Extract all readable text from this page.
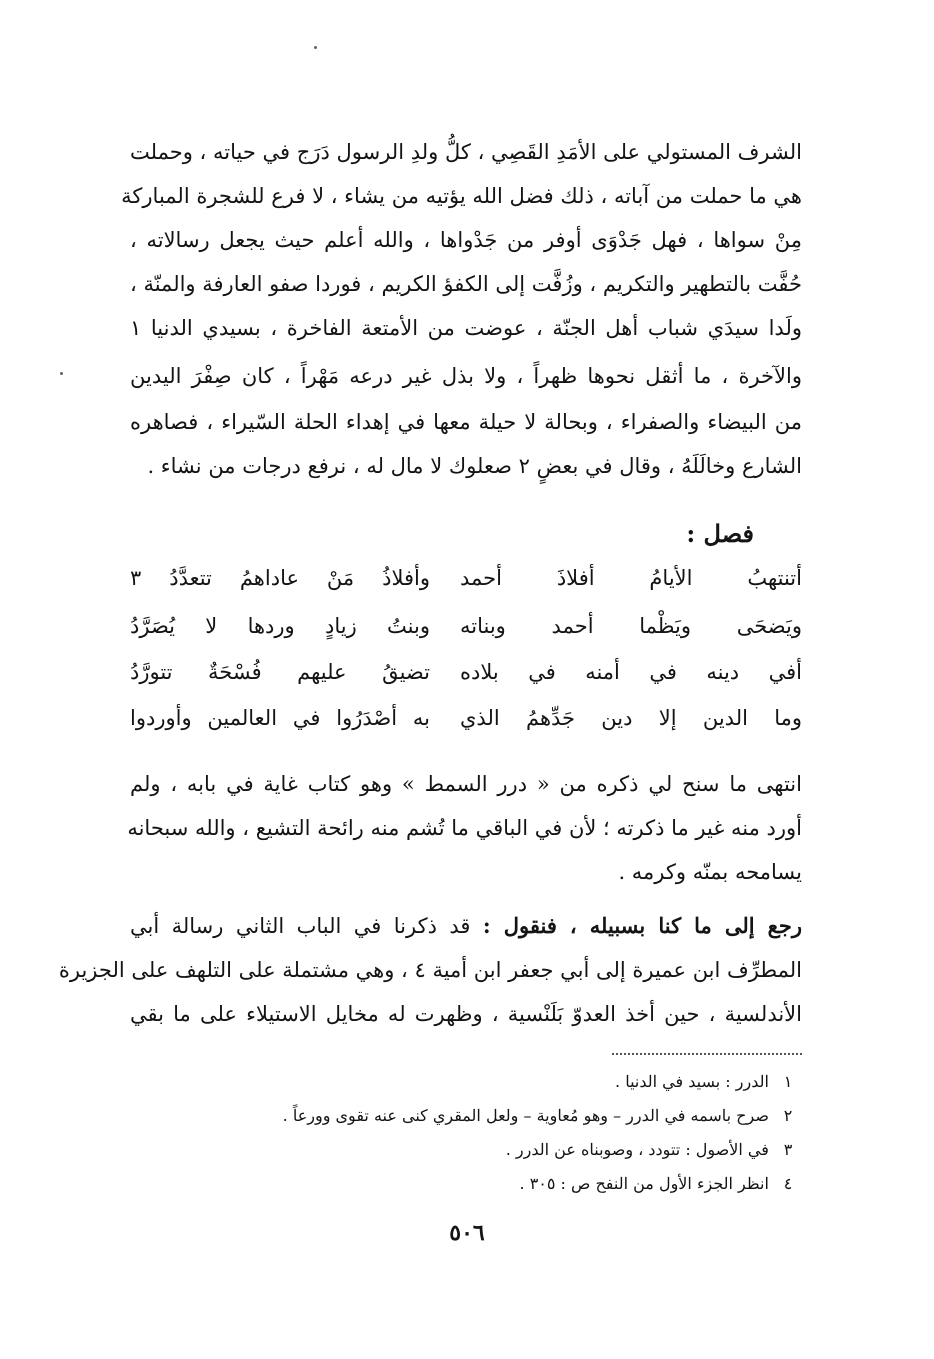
الشرف المستولي على الأمَدِ القَصِي ، كلُّ ولدِ الرسول دَرَج في حياته ، وحملت
هي ما حملت من آباته ، ذلك فضل الله يؤتيه من يشاء ، لا فرع للشجرة المباركة
مِنْ سواها ، فهل جَدْوَى أوفر من جَدْواها ، والله أعلم حيث يجعل رسالاته ،
حُفَّت بالتطهير والتكريم ، وزُفَّت إلى الكفؤ الكريم ، فوردا صفو العارفة والمنّة ،
ولَدا سيدَي شباب أهل الجنّة ، عوضت من الأمتعة الفاخرة ، بسيدي الدنيا ١
والآخرة ، ما أثقل نحوها ظهراً ، ولا بذل غير درعه مَهْراً ، كان صِفْرَ اليدين
من البيضاء والصفراء ، وبحالة لا حيلة معها في إهداء الحلة السّيراء ، فصاهره
الشارع وخالَلَهُ ، وقال في بعضٍ ٢ صعلوك لا مال له ، نرفع درجات من نشاء .
فصل :
أتنتهبُ الأيامُ أفلاذَ أحمد
وأفلاذُ مَنْ عاداهمُ تتعدَّدُ ٣
ويَضحَى ويَظْما أحمد وبناته
وبنتُ زيادٍ وردها لا يُصَرَّدُ
أفي دينه في أمنه في بلاده
تضيقُ عليهم فُسْحَةٌ تتورَّدُ
وما الدين إلا دين جَدِّهمُ الذي
به أصْدَرُوا في العالمين وأوردوا
انتهى ما سنح لي ذكره من « درر السمط » وهو كتاب غاية في بابه ، ولم
أورد منه غير ما ذكرته ؛ لأن في الباقي ما تُشم منه رائحة التشيع ، والله سبحانه
يسامحه بمنّه وكرمه .
رجع إلى ما كنا بسبيله ، فنقول : قد ذكرنا في الباب الثاني رسالة أبي
المطرِّف ابن عميرة إلى أبي جعفر ابن أمية ٤ ، وهي مشتملة على التلهف على الجزيرة
الأندلسية ، حين أخذ العدوّ بَلَنْسية ، وظهرت له مخايل الاستيلاء على ما بقي
١ الدرر : بسيد في الدنيا .
٢ صرح باسمه في الدرر – وهو مُعاوية – ولعل المقري كنى عنه تقوى وورعاً .
٣ في الأصول : تتودد ، وصوبناه عن الدرر .
٤ انظر الجزء الأول من النفح ص : ٣٠٥ .
٥٠٦
